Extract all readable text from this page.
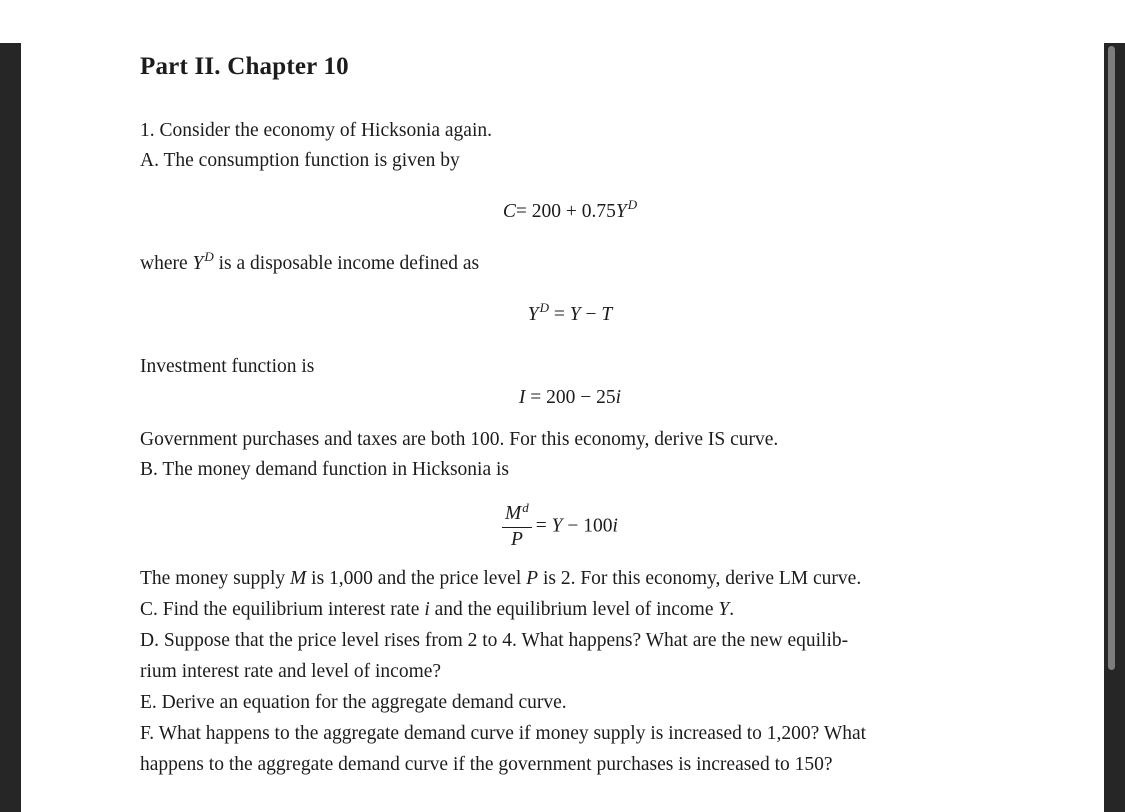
Part II. Chapter 10
1. Consider the economy of Hicksonia again.
A. The consumption function is given by
$C= 200 + 0.75Y^D$
where $Y^D$ is a disposable income defined as
$Y^D = Y - T$
Investment function is
I = 200 − 25i
Government purchases and taxes are both 100. For this economy, derive IS curve.
B. The money demand function in Hicksonia is
$\frac{M^d}{P} = Y - 100i$
The money supply M is 1,000 and the price level P is 2. For this economy, derive LM curve.
C. Find the equilibrium interest rate i and the equilibrium level of income Y.
D. Suppose that the price level rises from 2 to 4. What happens? What are the new equilib-
rium interest rate and level of income?
E. Derive an equation for the aggregate demand curve.
F. What happens to the aggregate demand curve if money supply is increased to 1,200? What
happens to the aggregate demand curve if the government purchases is increased to 150?
